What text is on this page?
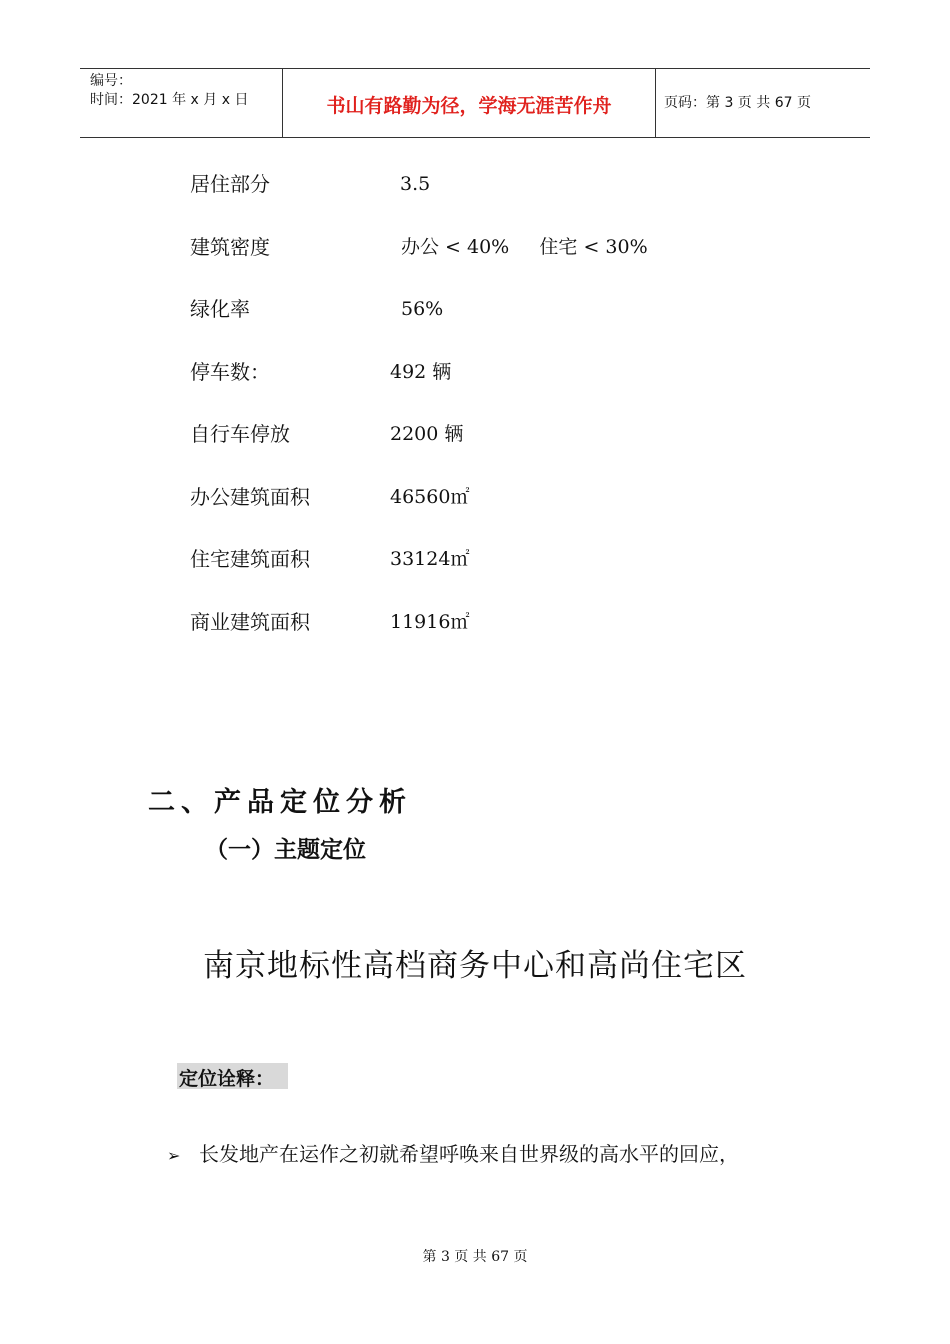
编号：
时间：2021 年 x 月 x 日	书山有路勤为径，学海无涯苦作舟	页码：第 3 页 共 67 页
居住部分	3.5
建筑密度	办公 < 40%     住宅 < 30%
绿化率	56%
停车数：	492 辆
自行车停放	2200 辆
办公建筑面积	46560㎡
住宅建筑面积	33124㎡
商业建筑面积	11916㎡
二、产品定位分析
（一）主题定位
南京地标性高档商务中心和高尚住宅区
定位诠释：
➢ 长发地产在运作之初就希望呼唤来自世界级的高水平的回应，
第 3 页 共 67 页
